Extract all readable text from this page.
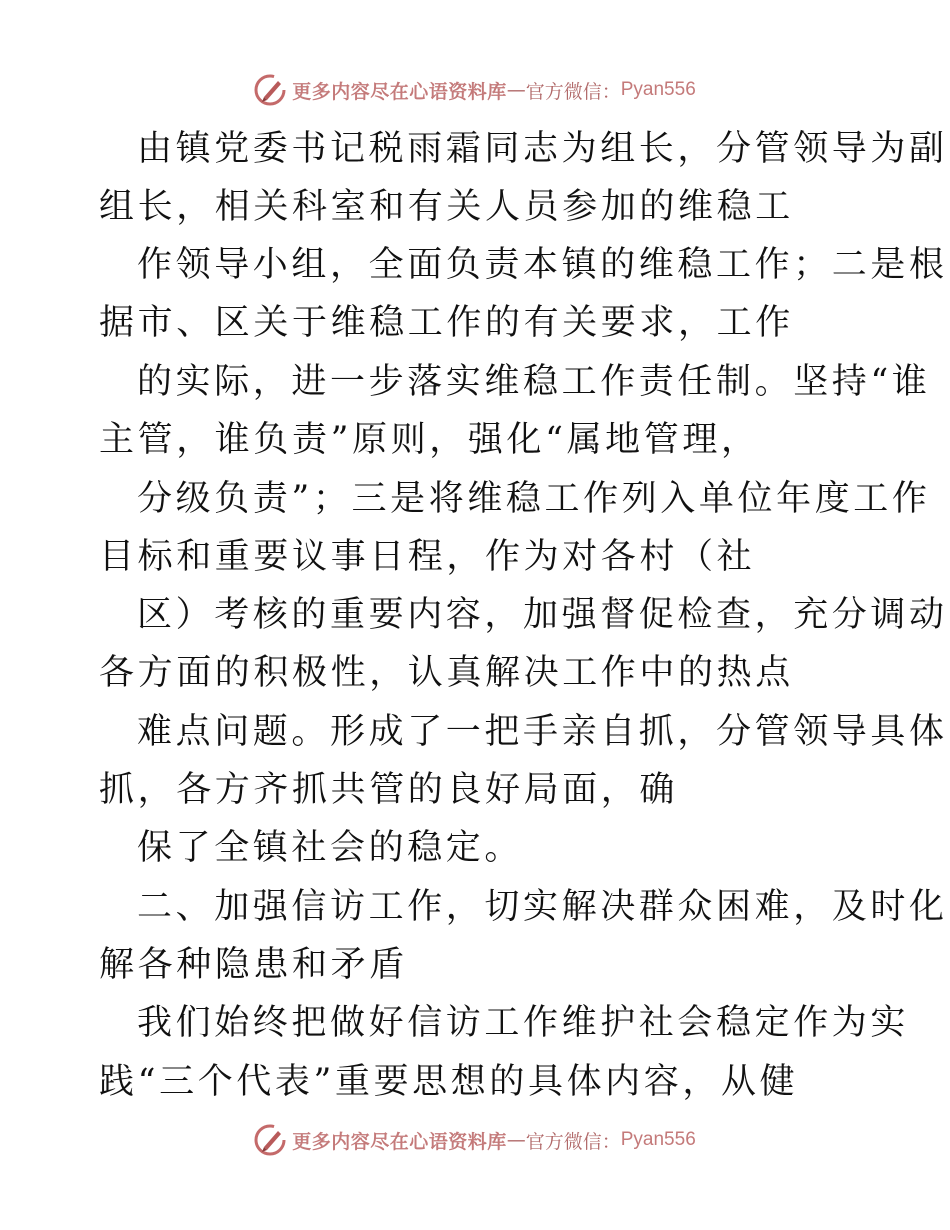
更多内容尽在心语资料库 — 官方微信： Pyan556
由镇党委书记税雨霜同志为组长，分管领导为副
组长，相关科室和有关人员参加的维稳工
作领导小组，全面负责本镇的维稳工作；二是根
据市、区关于维稳工作的有关要求，工作
的实际，进一步落实维稳工作责任制。坚持“谁
主管，谁负责”原则，强化“属地管理，
分级负责”；三是将维稳工作列入单位年度工作
目标和重要议事日程，作为对各村（社
区）考核的重要内容，加强督促检查，充分调动
各方面的积极性，认真解决工作中的热点
难点问题。形成了一把手亲自抓，分管领导具体
抓，各方齐抓共管的良好局面，确
保了全镇社会的稳定。
二、加强信访工作，切实解决群众困难，及时化
解各种隐患和矛盾
我们始终把做好信访工作维护社会稳定作为实
践“三个代表”重要思想的具体内容，从健
更多内容尽在心语资料库 — 官方微信： Pyan556
